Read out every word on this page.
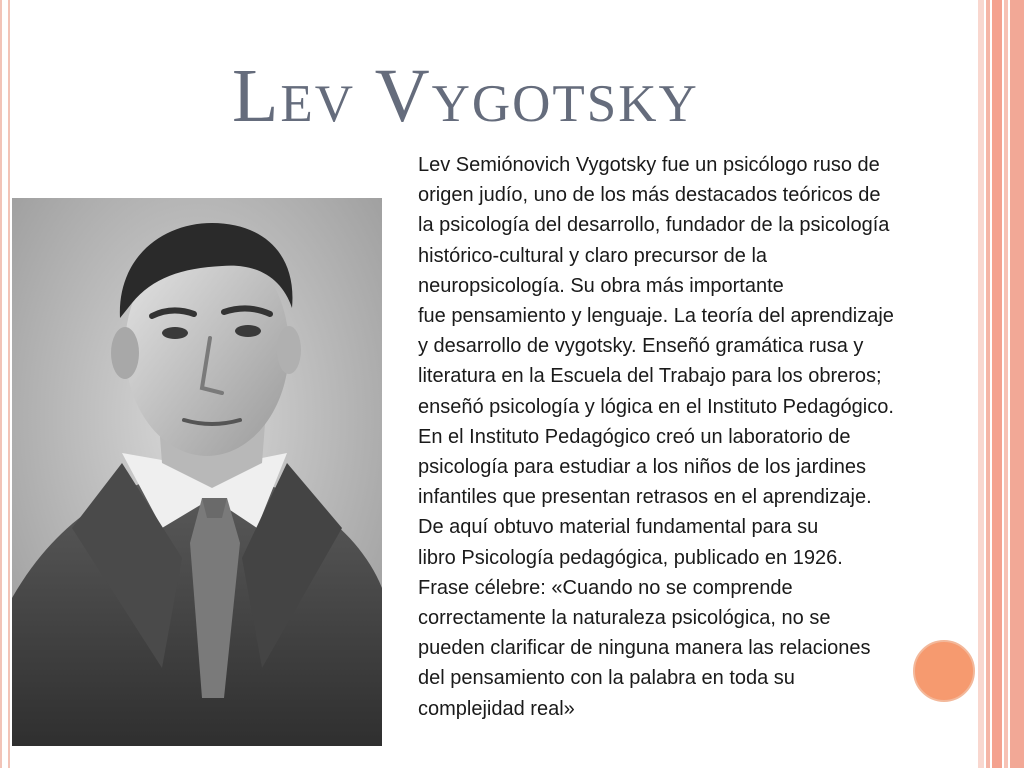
Lev Vygotsky

Lev Semiónovich Vygotsky fue un psicólogo ruso de

origen judío, uno de los más destacados teóricos de

la psicología del desarrollo, fundador de la psicología

histórico-cultural y claro precursor de la

neuropsicología. Su obra más importante

fue pensamiento y lenguaje. La teoría del aprendizaje

y desarrollo de vygotsky. Enseñó gramática rusa y

literatura en la Escuela del Trabajo para los obreros;

enseñó psicología y lógica en el Instituto Pedagógico.

En el Instituto Pedagógico creó un laboratorio de

psicología para estudiar a los niños de los jardines

infantiles que presentan retrasos en el aprendizaje.

De aquí obtuvo material fundamental para su

libro Psicología pedagógica, publicado en 1926.

Frase célebre: «Cuando no se comprende

correctamente la naturaleza psicológica, no se

pueden clarificar de ninguna manera las relaciones

del pensamiento con la palabra en toda su

complejidad real»
